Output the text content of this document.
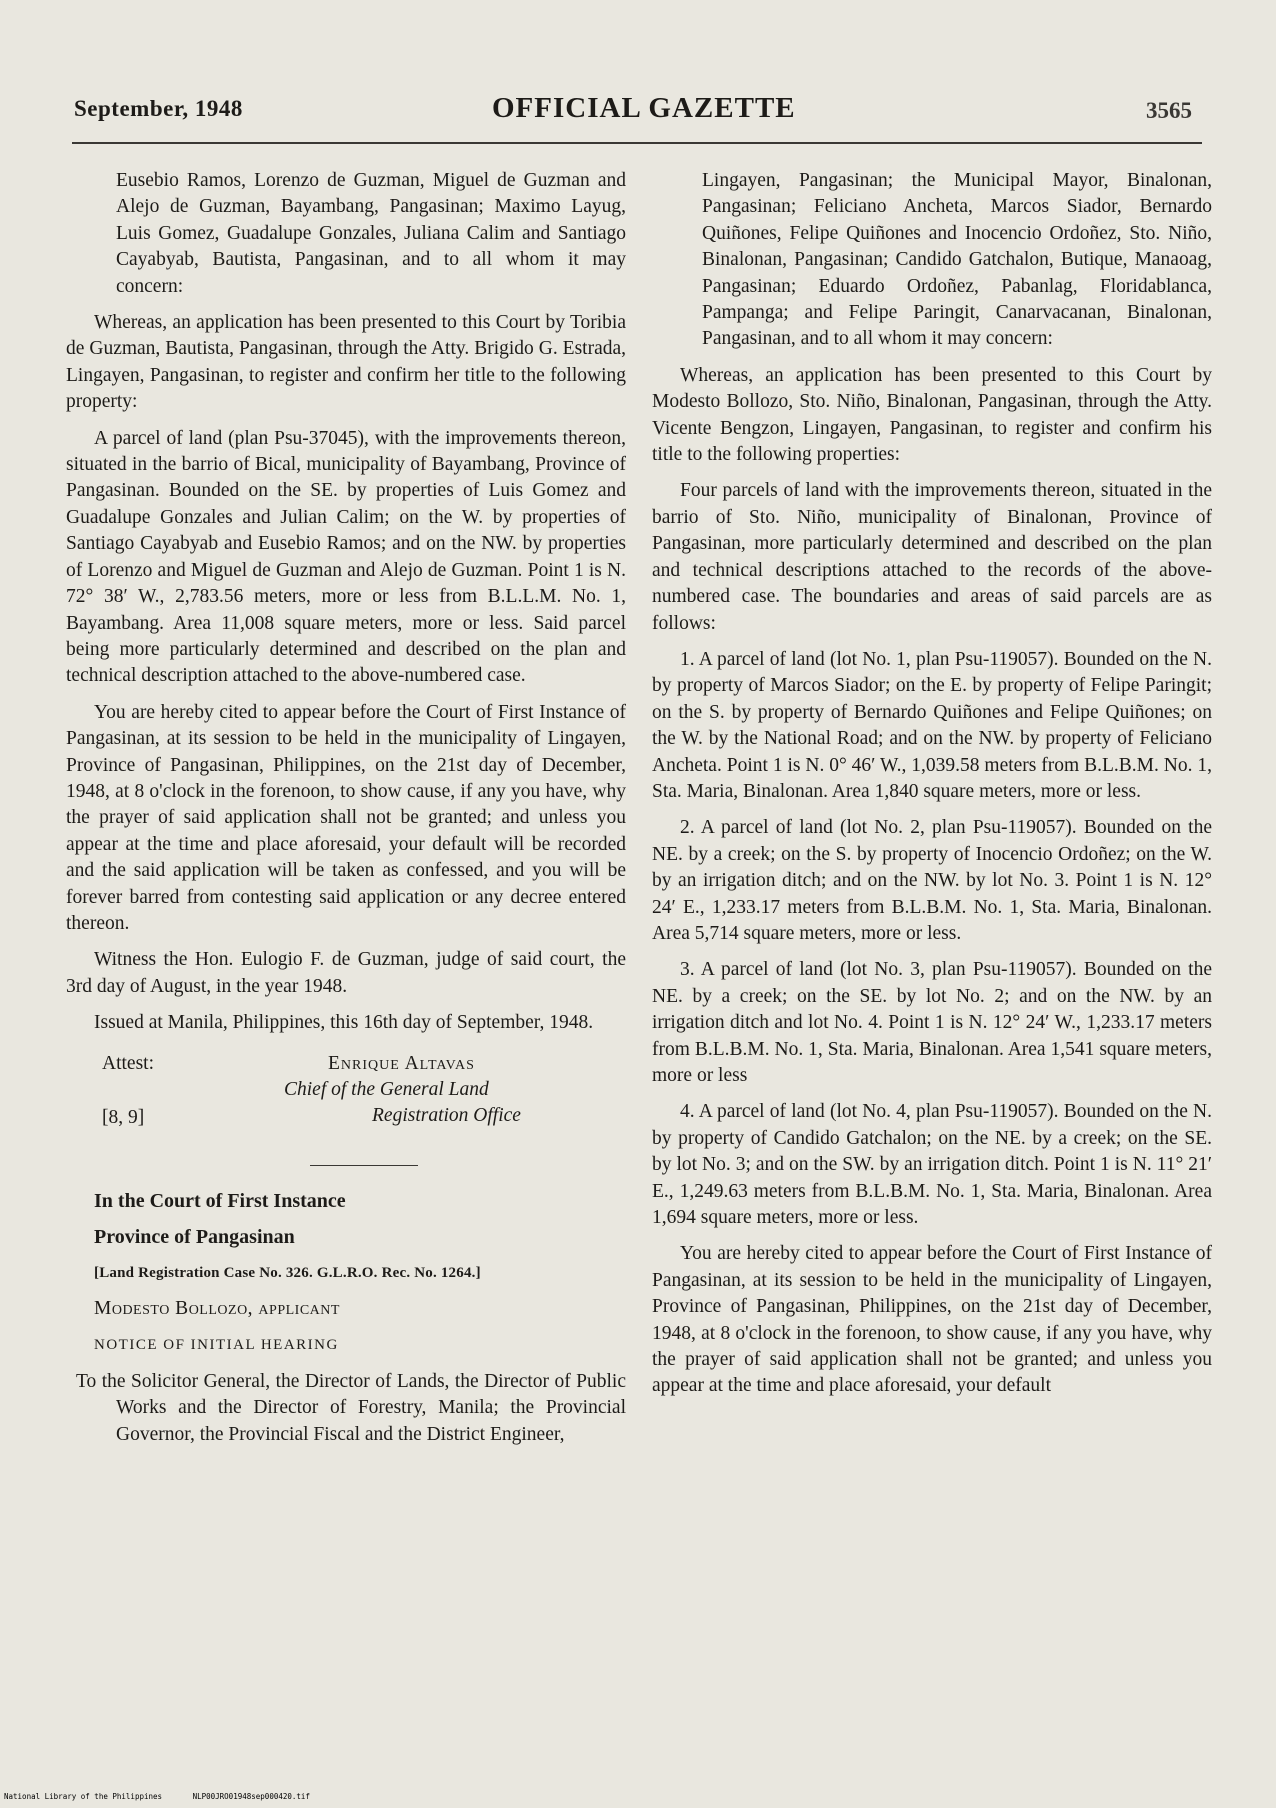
September, 1948	OFFICIAL GAZETTE	3565

Eusebio Ramos, Lorenzo de Guzman, Miguel de Guzman and Alejo de Guzman, Bayambang, Pangasinan; Maximo Layug, Luis Gomez, Guadalupe Gonzales, Juliana Calim and Santiago Cayabyab, Bautista, Pangasinan, and to all whom it may concern:

Whereas, an application has been presented to this Court by Toribia de Guzman, Bautista, Pangasinan, through the Atty. Brigido G. Estrada, Lingayen, Pangasinan, to register and confirm her title to the following property:

A parcel of land (plan Psu-37045), with the improvements thereon, situated in the barrio of Bical, municipality of Bayambang, Province of Pangasinan. Bounded on the SE. by properties of Luis Gomez and Guadalupe Gonzales and Julian Calim; on the W. by properties of Santiago Cayabyab and Eusebio Ramos; and on the NW. by properties of Lorenzo and Miguel de Guzman and Alejo de Guzman. Point 1 is N. 72° 38′ W., 2,783.56 meters, more or less from B.L.L.M. No. 1, Bayambang. Area 11,008 square meters, more or less. Said parcel being more particularly determined and described on the plan and technical description attached to the above-numbered case.

You are hereby cited to appear before the Court of First Instance of Pangasinan, at its session to be held in the municipality of Lingayen, Province of Pangasinan, Philippines, on the 21st day of December, 1948, at 8 o'clock in the forenoon, to show cause, if any you have, why the prayer of said application shall not be granted; and unless you appear at the time and place aforesaid, your default will be recorded and the said application will be taken as confessed, and you will be forever barred from contesting said application or any decree entered thereon.

Witness the Hon. Eulogio F. de Guzman, judge of said court, the 3rd day of August, in the year 1948.

Issued at Manila, Philippines, this 16th day of September, 1948.

Attest:	Enrique Altavas
Chief of the General Land
[8, 9]	Registration Office

In the Court of First Instance

Province of Pangasinan

[Land Registration Case No. 326. G.L.R.O. Rec. No. 1264.]

Modesto Bollozo, applicant

NOTICE OF INITIAL HEARING

To the Solicitor General, the Director of Lands, the Director of Public Works and the Director of Forestry, Manila; the Provincial Governor, the Provincial Fiscal and the District Engineer,

Lingayen, Pangasinan; the Municipal Mayor, Binalonan, Pangasinan; Feliciano Ancheta, Marcos Siador, Bernardo Quiñones, Felipe Quiñones and Inocencio Ordoñez, Sto. Niño, Binalonan, Pangasinan; Candido Gatchalon, Butique, Manaoag, Pangasinan; Eduardo Ordoñez, Pabanlag, Floridablanca, Pampanga; and Felipe Paringit, Canarvacanan, Binalonan, Pangasinan, and to all whom it may concern:

Whereas, an application has been presented to this Court by Modesto Bollozo, Sto. Niño, Binalonan, Pangasinan, through the Atty. Vicente Bengzon, Lingayen, Pangasinan, to register and confirm his title to the following properties:

Four parcels of land with the improvements thereon, situated in the barrio of Sto. Niño, municipality of Binalonan, Province of Pangasinan, more particularly determined and described on the plan and technical descriptions attached to the records of the above-numbered case. The boundaries and areas of said parcels are as follows:

1. A parcel of land (lot No. 1, plan Psu-119057). Bounded on the N. by property of Marcos Siador; on the E. by property of Felipe Paringit; on the S. by property of Bernardo Quiñones and Felipe Quiñones; on the W. by the National Road; and on the NW. by property of Feliciano Ancheta. Point 1 is N. 0° 46′ W., 1,039.58 meters from B.L.B.M. No. 1, Sta. Maria, Binalonan. Area 1,840 square meters, more or less.

2. A parcel of land (lot No. 2, plan Psu-119057). Bounded on the NE. by a creek; on the S. by property of Inocencio Ordoñez; on the W. by an irrigation ditch; and on the NW. by lot No. 3. Point 1 is N. 12° 24′ E., 1,233.17 meters from B.L.B.M. No. 1, Sta. Maria, Binalonan. Area 5,714 square meters, more or less.

3. A parcel of land (lot No. 3, plan Psu-119057). Bounded on the NE. by a creek; on the SE. by lot No. 2; and on the NW. by an irrigation ditch and lot No. 4. Point 1 is N. 12° 24′ W., 1,233.17 meters from B.L.B.M. No. 1, Sta. Maria, Binalonan. Area 1,541 square meters, more or less

4. A parcel of land (lot No. 4, plan Psu-119057). Bounded on the N. by property of Candido Gatchalon; on the NE. by a creek; on the SE. by lot No. 3; and on the SW. by an irrigation ditch. Point 1 is N. 11° 21′ E., 1,249.63 meters from B.L.B.M. No. 1, Sta. Maria, Binalonan. Area 1,694 square meters, more or less.

You are hereby cited to appear before the Court of First Instance of Pangasinan, at its session to be held in the municipality of Lingayen, Province of Pangasinan, Philippines, on the 21st day of December, 1948, at 8 o'clock in the forenoon, to show cause, if any you have, why the prayer of said application shall not be granted; and unless you appear at the time and place aforesaid, your default

National Library of the Philippines	NLP00JRO01948sep000420.tif
